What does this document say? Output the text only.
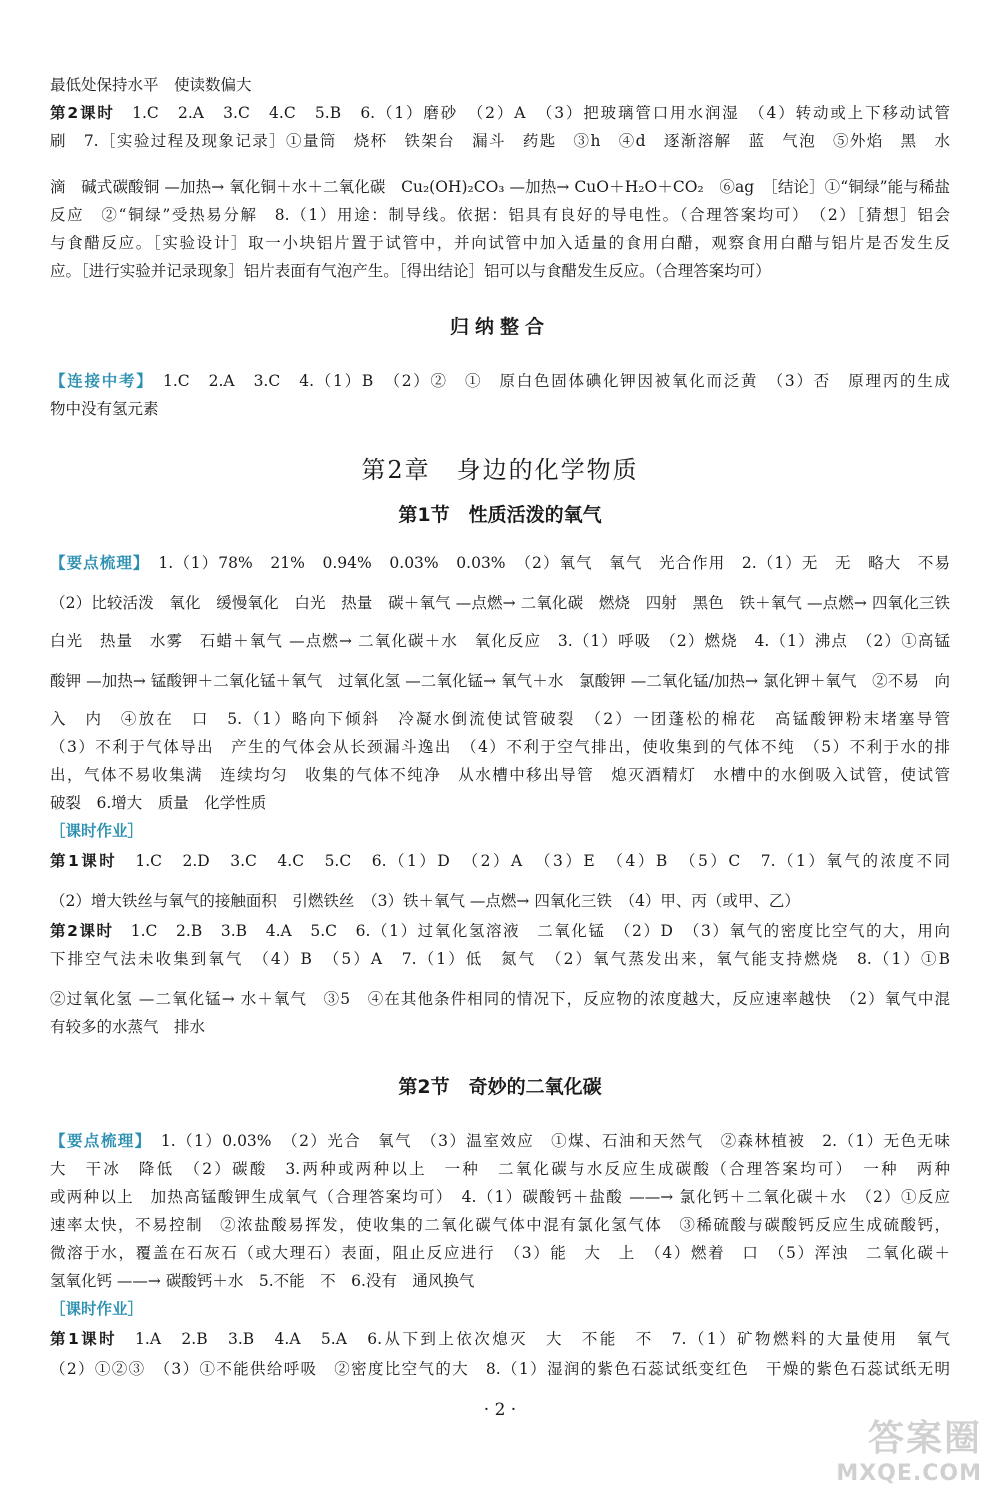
最低处保持水平　使读数偏大
第2课时　 1.C　2.A　3.C　4.C　5.B　6.（1）磨砂　（2）A　（3）把玻璃管口用水润湿　（4）转动或上下移动试管
刷　7.［实验过程及现象记录］①量筒　烧杯　铁架台　漏斗　药匙　③h　④d　逐渐溶解　蓝　气泡　⑤外焰　黑　水
滴　碱式碳酸铜 —加热→ 氧化铜＋水＋二氧化碳　Cu₂(OH)₂CO₃ —加热→ CuO＋H₂O＋CO₂　⑥ag　［结论］①“铜绿”能与稀盐
反应　②“铜绿”受热易分解　8.（1）用途：制导线。依据：铝具有良好的导电性。（合理答案均可）　（2）［猜想］铝会
与食醋反应。［实验设计］取一小块铝片置于试管中，并向试管中加入适量的食用白醋，观察食用白醋与铝片是否发生反
应。［进行实验并记录现象］铝片表面有气泡产生。［得出结论］铝可以与食醋发生反应。（合理答案均可）
【连接中考】　 1.C　2.A　3.C　4.（1）B　（2）②　①　原白色固体碘化钾因被氧化而泛黄　（3）否　原理丙的生成
物中没有氢元素
【要点梳理】　 1.（1）78%　21%　0.94%　0.03%　0.03%　（2）氧气　氧气　光合作用　2.（1）无　无　略大　不易
（2）比较活泼　氧化　缓慢氧化　白光　热量　碳＋氧气 —点燃→ 二氧化碳　燃烧　四射　黑色　铁＋氧气 —点燃→ 四氧化三铁
白光　热量　水雾　石蜡＋氧气 —点燃→ 二氧化碳＋水　氧化反应　3.（1）呼吸　（2）燃烧　4.（1）沸点　（2）①高锰
酸钾 —加热→ 锰酸钾＋二氧化锰＋氧气　过氧化氢 —二氧化锰→ 氧气＋水　氯酸钾 —二氧化锰/加热→ 氯化钾＋氧气　②不易　向　
入　内　④放在　口　5.（1）略向下倾斜　冷凝水倒流使试管破裂　（2）一团蓬松的棉花　高锰酸钾粉末堵塞导管
（3）不利于气体导出　产生的气体会从长颈漏斗逸出　（4）不利于空气排出，使收集到的气体不纯　（5）不利于水的排
出，气体不易收集满　连续均匀　收集的气体不纯净　从水槽中移出导管　熄灭酒精灯　水槽中的水倒吸入试管，使试管
破裂　6.增大　质量　化学性质
［课时作业］　
第1课时　 1.C　2.D　3.C　4.C　5.C　6.（1）D　（2）A　（3）E　（4）B　（5）C　7.（1）氧气的浓度不同
（2）增大铁丝与氧气的接触面积　引燃铁丝　（3）铁＋氧气 —点燃→ 四氧化三铁　（4）甲、丙（或甲、乙）
第2课时　 1.C　2.B　3.B　4.A　5.C　6.（1）过氧化氢溶液　二氧化锰　（2）D　（3）氧气的密度比空气的大，用向
下排空气法未收集到氧气　（4）B　（5）A　7.（1）低　氮气　（2）氧气蒸发出来，氧气能支持燃烧　8.（1）①B
②过氧化氢 —二氧化锰→ 水＋氧气　③5　④在其他条件相同的情况下，反应物的浓度越大，反应速率越快　（2）氧气中混
有较多的水蒸气　排水
【要点梳理】　 1.（1）0.03%　（2）光合　氧气　（3）温室效应　①煤、石油和天然气　②森林植被　2.（1）无色无味
大　干冰　降低　（2）碳酸　3.两种或两种以上　一种　二氧化碳与水反应生成碳酸（合理答案均可）　一种　两种
或两种以上　加热高锰酸钾生成氧气（合理答案均可）　4.（1）碳酸钙＋盐酸 ——→ 氯化钙＋二氧化碳＋水　（2）①反应
速率太快，不易控制　②浓盐酸易挥发，使收集的二氧化碳气体中混有氯化氢气体　③稀硫酸与碳酸钙反应生成硫酸钙，
微溶于水，覆盖在石灰石（或大理石）表面，阻止反应进行　（3）能　大　上　（4）燃着　口　（5）浑浊　二氧化碳＋
氢氧化钙 ——→ 碳酸钙＋水　5.不能　不　6.没有　通风换气
［课时作业］　
第1课时　 1.A　2.B　3.B　4.A　5.A　6.从下到上依次熄灭　大　不能　不　7.（1）矿物燃料的大量使用　氧气
（2）①②③　（3）①不能供给呼吸　②密度比空气的大　8.（1）湿润的紫色石蕊试纸变红色　干燥的紫色石蕊试纸无明
归纳整合
第2章　身边的化学物质
第1节　性质活泼的氧气
第2节　奇妙的二氧化碳
· 2 ·
答案圈
MXQE.COM
